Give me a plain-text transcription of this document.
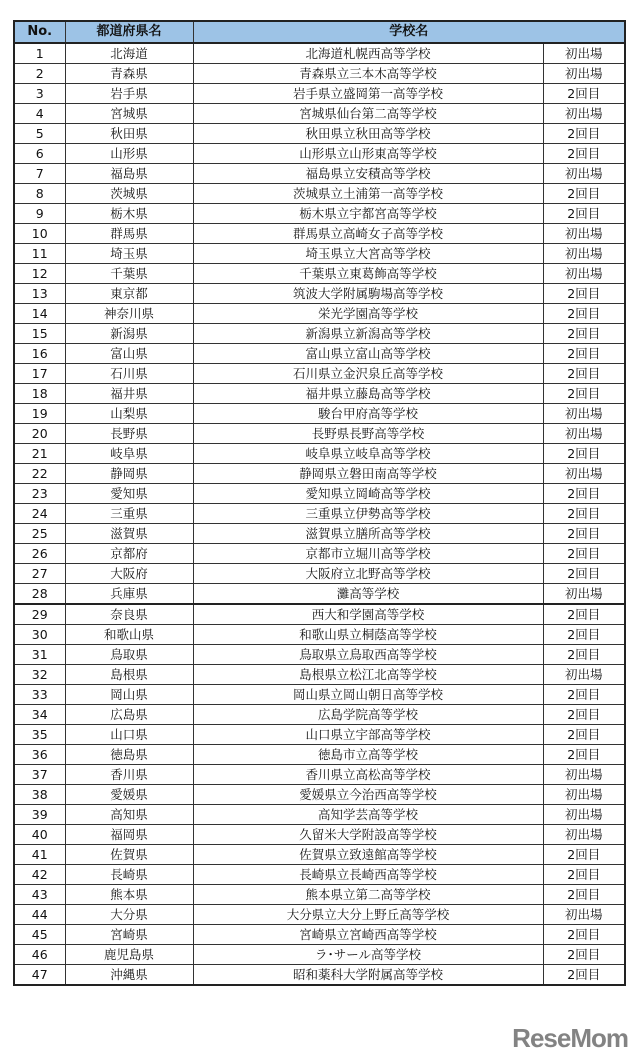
No.	都道府県名	学校名	
1	北海道	北海道札幌西高等学校	初出場
2	青森県	青森県立三本木高等学校	初出場
3	岩手県	岩手県立盛岡第一高等学校	2回目
4	宮城県	宮城県仙台第二高等学校	初出場
5	秋田県	秋田県立秋田高等学校	2回目
6	山形県	山形県立山形東高等学校	2回目
7	福島県	福島県立安積高等学校	初出場
8	茨城県	茨城県立土浦第一高等学校	2回目
9	栃木県	栃木県立宇都宮高等学校	2回目
10	群馬県	群馬県立高崎女子高等学校	初出場
11	埼玉県	埼玉県立大宮高等学校	初出場
12	千葉県	千葉県立東葛飾高等学校	初出場
13	東京都	筑波大学附属駒場高等学校	2回目
14	神奈川県	栄光学園高等学校	2回目
15	新潟県	新潟県立新潟高等学校	2回目
16	富山県	富山県立富山高等学校	2回目
17	石川県	石川県立金沢泉丘高等学校	2回目
18	福井県	福井県立藤島高等学校	2回目
19	山梨県	駿台甲府高等学校	初出場
20	長野県	長野県長野高等学校	初出場
21	岐阜県	岐阜県立岐阜高等学校	2回目
22	静岡県	静岡県立磐田南高等学校	初出場
23	愛知県	愛知県立岡崎高等学校	2回目
24	三重県	三重県立伊勢高等学校	2回目
25	滋賀県	滋賀県立膳所高等学校	2回目
26	京都府	京都市立堀川高等学校	2回目
27	大阪府	大阪府立北野高等学校	2回目
28	兵庫県	灘高等学校	初出場
29	奈良県	西大和学園高等学校	2回目
30	和歌山県	和歌山県立桐蔭高等学校	2回目
31	鳥取県	鳥取県立鳥取西高等学校	2回目
32	島根県	島根県立松江北高等学校	初出場
33	岡山県	岡山県立岡山朝日高等学校	2回目
34	広島県	広島学院高等学校	2回目
35	山口県	山口県立宇部高等学校	2回目
36	徳島県	徳島市立高等学校	2回目
37	香川県	香川県立高松高等学校	初出場
38	愛媛県	愛媛県立今治西高等学校	初出場
39	高知県	高知学芸高等学校	初出場
40	福岡県	久留米大学附設高等学校	初出場
41	佐賀県	佐賀県立致遠館高等学校	2回目
42	長崎県	長崎県立長崎西高等学校	2回目
43	熊本県	熊本県立第二高等学校	2回目
44	大分県	大分県立大分上野丘高等学校	初出場
45	宮崎県	宮崎県立宮崎西高等学校	2回目
46	鹿児島県	ラ･サール高等学校	2回目
47	沖縄県	昭和薬科大学附属高等学校	2回目
ReseMom
